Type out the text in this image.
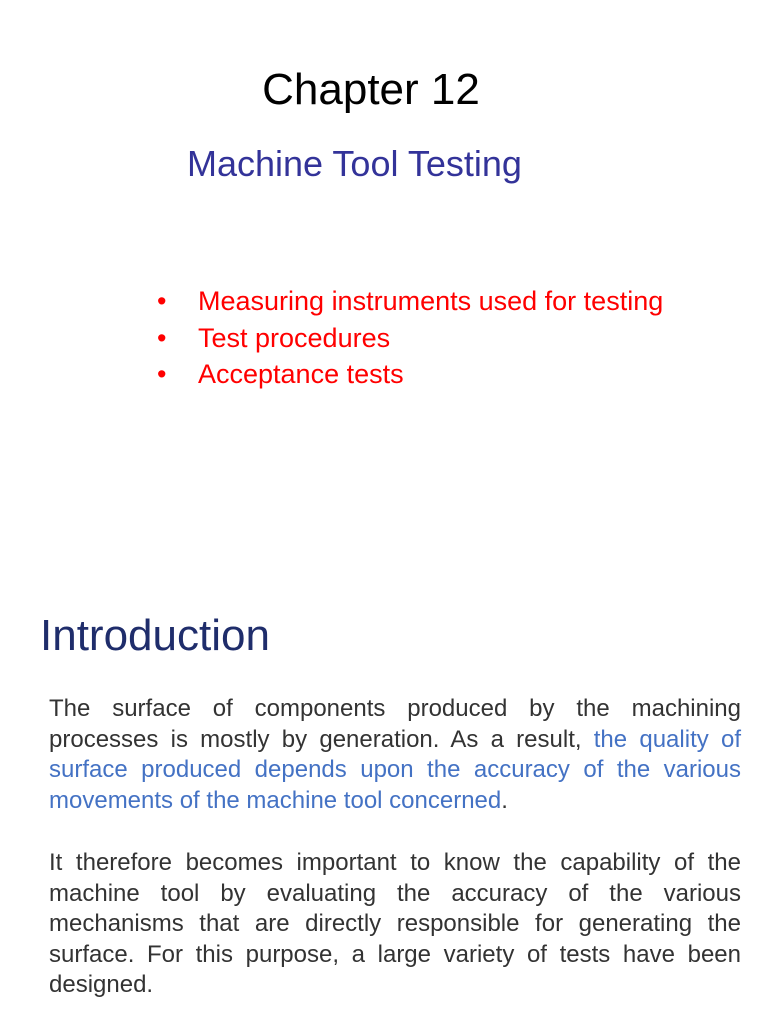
Chapter 12
Machine Tool Testing
• Measuring instruments used for testing
• Test procedures
• Acceptance tests
Introduction

The surface of components produced by the machining processes is mostly by generation. As a result, the quality of surface produced depends upon the accuracy of the various movements of the machine tool concerned.

It therefore becomes important to know the capability of the machine tool by evaluating the accuracy of the various mechanisms that are directly responsible for generating the surface. For this purpose, a large variety of tests have been designed.
